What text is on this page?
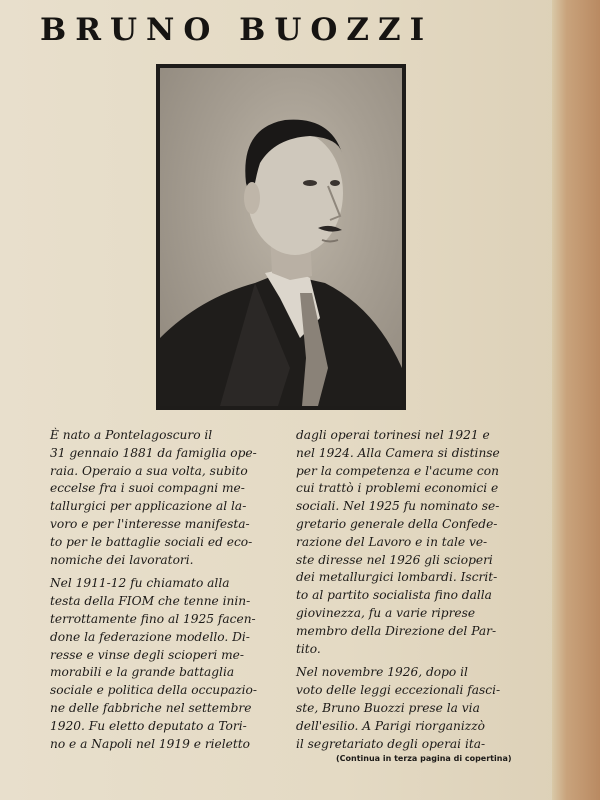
BRUNO BUOZZI

È nato a Pontelagoscuro il
31 gennaio 1881 da famiglia ope-
raia. Operaio a sua volta, subito
eccelse fra i suoi compagni me-
tallurgici per applicazione al la-
voro e per l'interesse manifesta-
to per le battaglie sociali ed eco-
nomiche dei lavoratori.

Nel 1911-12 fu chiamato alla
testa della FIOM che tenne inin-
terrottamente fino al 1925 facen-
done la federazione modello. Di-
resse e vinse degli scioperi me-
morabili e la grande battaglia
sociale e politica della occupazio-
ne delle fabbriche nel settembre
1920. Fu eletto deputato a Tori-
no e a Napoli nel 1919 e rieletto

dagli operai torinesi nel 1921 e
nel 1924. Alla Camera si distinse
per la competenza e l'acume con
cui trattò i problemi economici e
sociali. Nel 1925 fu nominato se-
gretario generale della Confede-
razione del Lavoro e in tale ve-
ste diresse nel 1926 gli scioperi
dei metallurgici lombardi. Iscrit-
to al partito socialista fino dalla
giovinezza, fu a varie riprese
membro della Direzione del Par-
tito.

Nel novembre 1926, dopo il
voto delle leggi eccezionali fasci-
ste, Bruno Buozzi prese la via
dell'esilio. A Parigi riorganizzò
il segretariato degli operai ita-

(Continua in terza pagina di copertina)
